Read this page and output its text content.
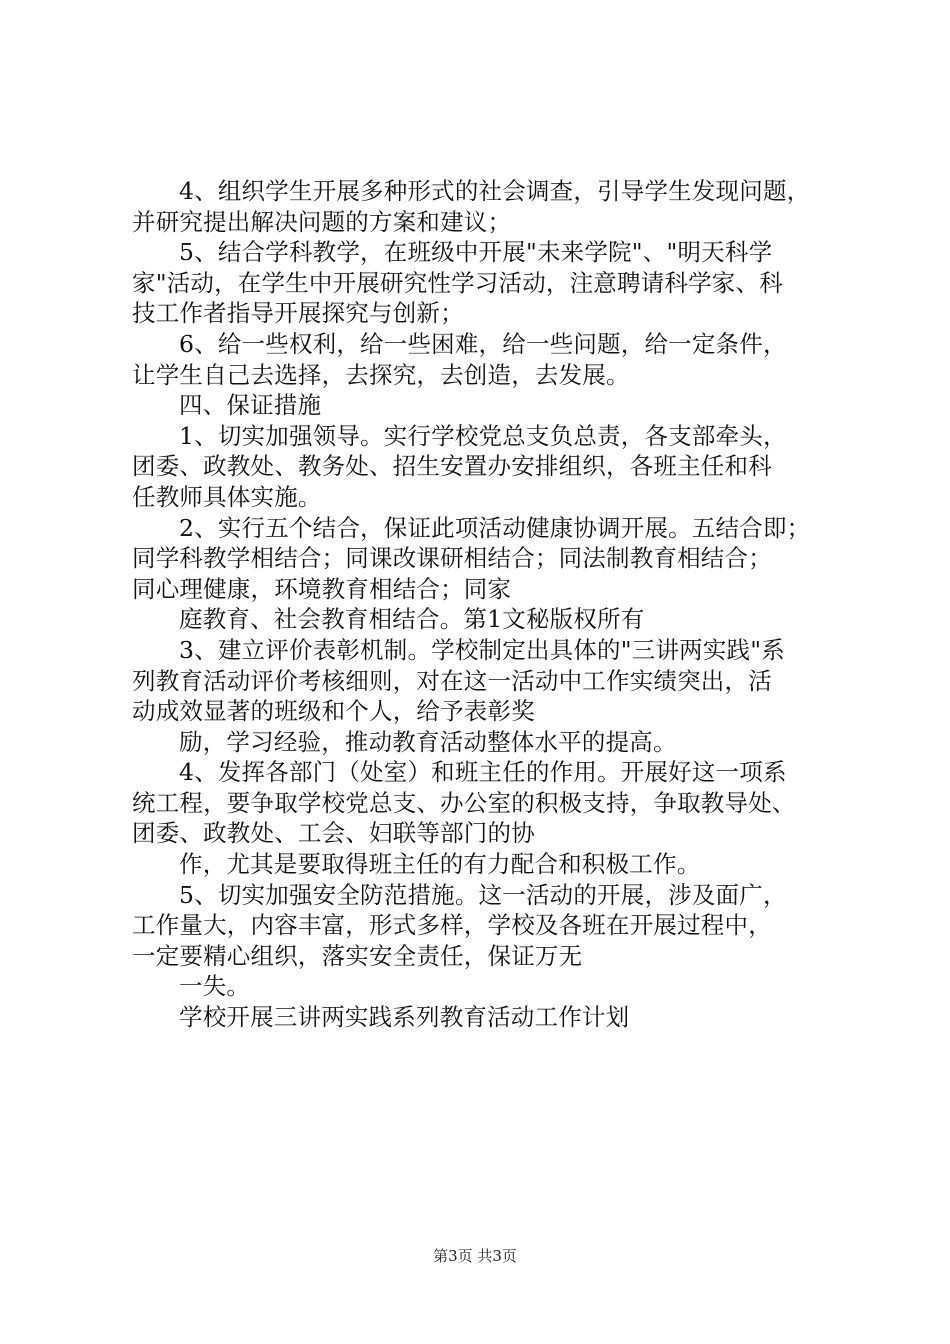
4、组织学生开展多种形式的社会调查，引导学生发现问题，
并研究提出解决问题的方案和建议；
5、结合学科教学，在班级中开展"未来学院"、"明天科学
家"活动，在学生中开展研究性学习活动，注意聘请科学家、科
技工作者指导开展探究与创新；
6、给一些权利，给一些困难，给一些问题，给一定条件，
让学生自己去选择，去探究，去创造，去发展。
四、保证措施
1、切实加强领导。实行学校党总支负总责，各支部牵头，
团委、政教处、教务处、招生安置办安排组织，各班主任和科
任教师具体实施。
2、实行五个结合，保证此项活动健康协调开展。五结合即；
同学科教学相结合；同课改课研相结合；同法制教育相结合；
同心理健康，环境教育相结合；同家
庭教育、社会教育相结合。第1文秘版权所有
3、建立评价表彰机制。学校制定出具体的"三讲两实践"系
列教育活动评价考核细则，对在这一活动中工作实绩突出，活
动成效显著的班级和个人，给予表彰奖
励，学习经验，推动教育活动整体水平的提高。
4、发挥各部门（处室）和班主任的作用。开展好这一项系
统工程，要争取学校党总支、办公室的积极支持，争取教导处、
团委、政教处、工会、妇联等部门的协
作，尤其是要取得班主任的有力配合和积极工作。
5、切实加强安全防范措施。这一活动的开展，涉及面广，
工作量大，内容丰富，形式多样，学校及各班在开展过程中，
一定要精心组织，落实安全责任，保证万无
一失。
学校开展三讲两实践系列教育活动工作计划
第3页 共3页
